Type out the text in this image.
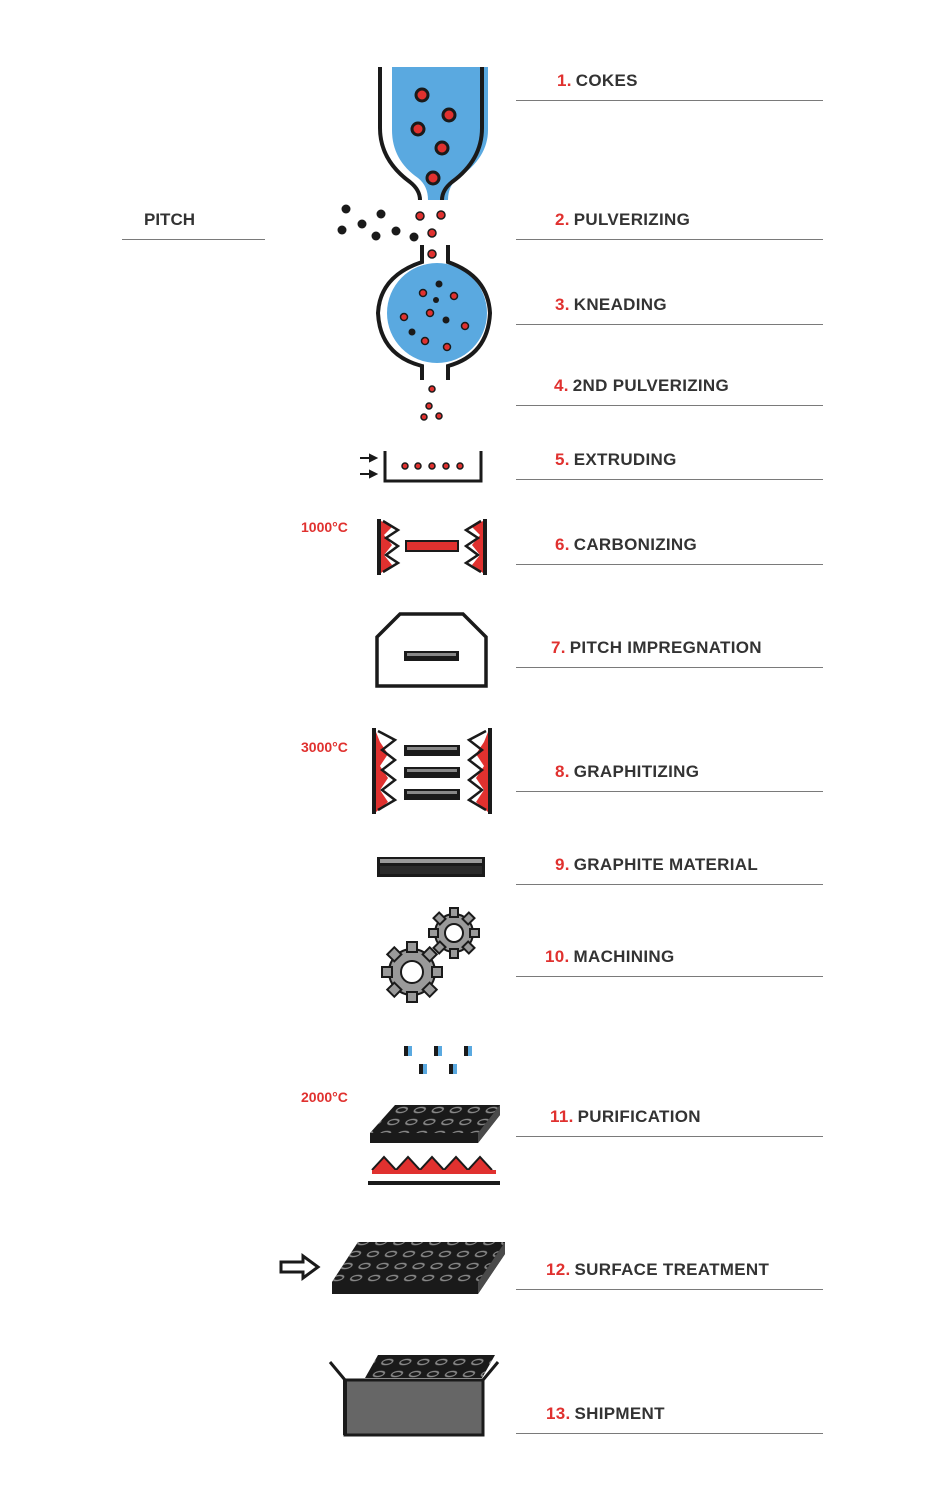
1. COKES
2. PULVERIZING
PITCH
3. KNEADING
4. 2ND PULVERIZING
5. EXTRUDING
1000°C
6. CARBONIZING
7. PITCH IMPREGNATION
3000°C
8. GRAPHITIZING
9. GRAPHITE MATERIAL
10. MACHINING
2000°C
11. PURIFICATION
12. SURFACE TREATMENT
13. SHIPMENT
